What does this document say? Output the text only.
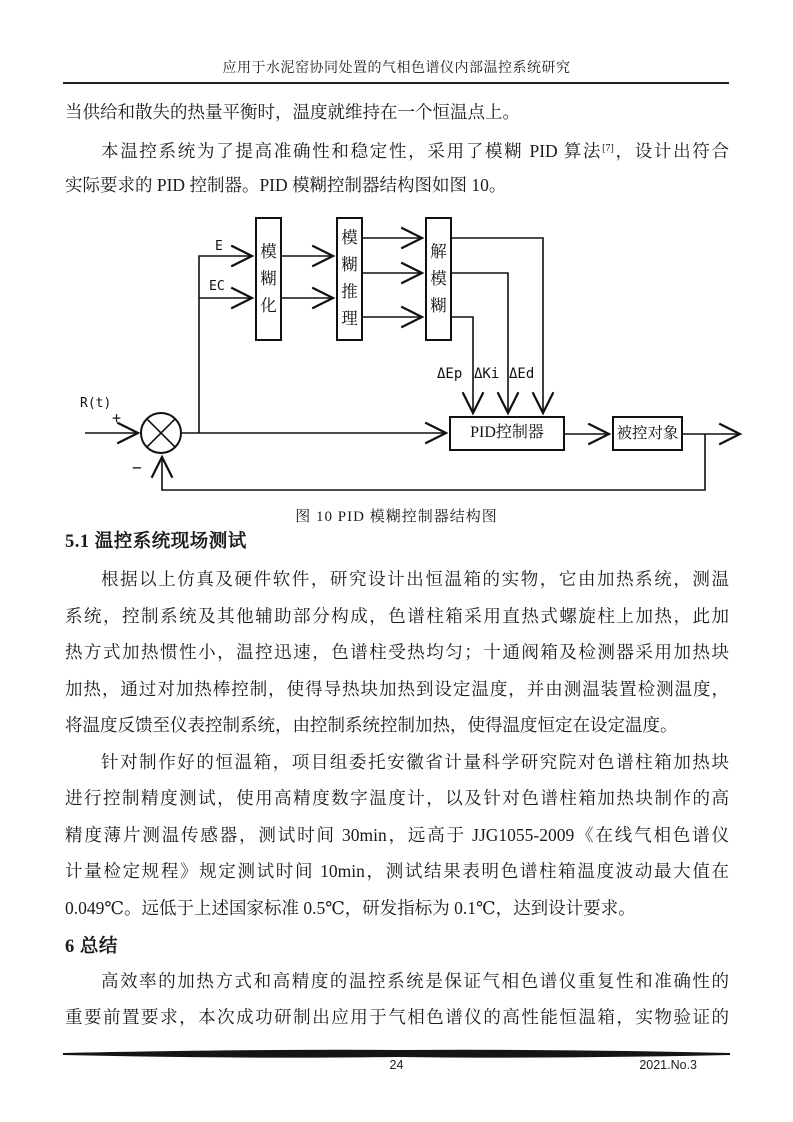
应用于水泥窑协同处置的气相色谱仪内部温控系统研究
当供给和散失的热量平衡时，温度就维持在一个恒温点上。
本温控系统为了提高准确性和稳定性，采用了模糊 PID 算法[7]，设计出符合
实际要求的 PID 控制器。PID 模糊控制器结构图如图 10。
模糊化
模糊推理
解模糊
PID控制器	被控对象
R(t)
+
−
E
EC
ΔEp ΔKi ΔEd
图 10 PID 模糊控制器结构图
5.1 温控系统现场测试
根据以上仿真及硬件软件，研究设计出恒温箱的实物，它由加热系统，测温
系统，控制系统及其他辅助部分构成，色谱柱箱采用直热式螺旋柱上加热，此加
热方式加热惯性小，温控迅速，色谱柱受热均匀；十通阀箱及检测器采用加热块
加热，通过对加热棒控制，使得导热块加热到设定温度，并由测温装置检测温度，
将温度反馈至仪表控制系统，由控制系统控制加热，使得温度恒定在设定温度。
针对制作好的恒温箱，项目组委托安徽省计量科学研究院对色谱柱箱加热块
进行控制精度测试，使用高精度数字温度计，以及针对色谱柱箱加热块制作的高
精度薄片测温传感器，测试时间 30min，远高于 JJG1055-2009《在线气相色谱仪
计量检定规程》规定测试时间 10min，测试结果表明色谱柱箱温度波动最大值在
0.049℃。远低于上述国家标准 0.5℃，研发指标为 0.1℃，达到设计要求。
6 总结
高效率的加热方式和高精度的温控系统是保证气相色谱仪重复性和准确性的
重要前置要求，本次成功研制出应用于气相色谱仪的高性能恒温箱，实物验证的
24	2021.No.3
